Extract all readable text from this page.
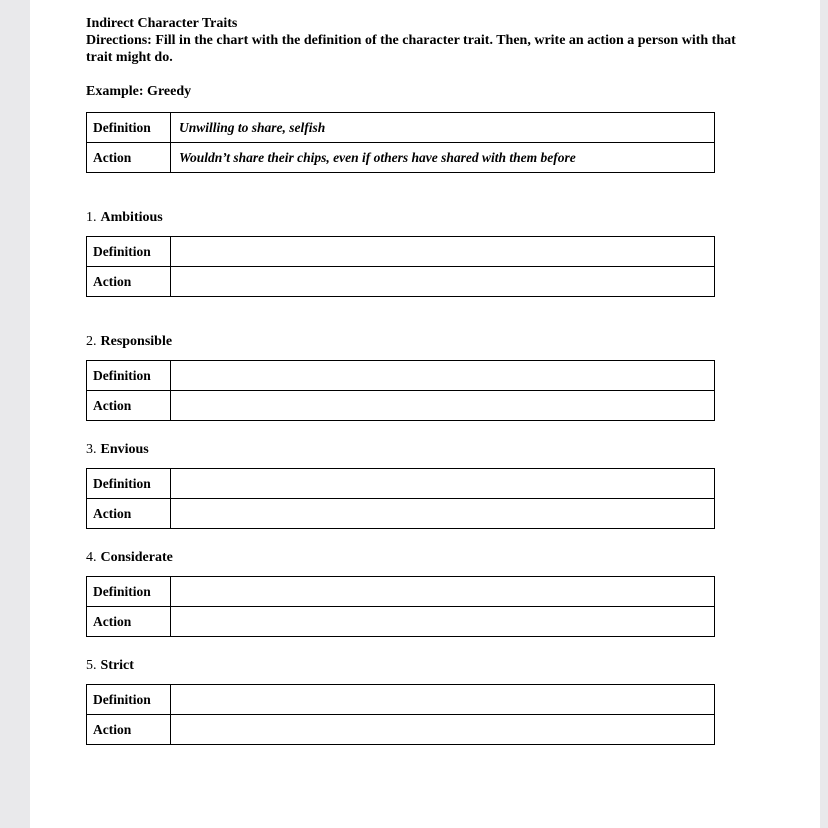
Indirect Character Traits
Directions: Fill in the chart with the definition of the character trait. Then, write an action a person with that trait might do.
Example: Greedy
Definition	Unwilling to share, selfish
Action	Wouldn’t share their chips, even if others have shared with them before
1. Ambitious
Definition	
Action	
2. Responsible
Definition	
Action	
3. Envious
Definition	
Action	
4. Considerate
Definition	
Action	
5. Strict
Definition	
Action	
